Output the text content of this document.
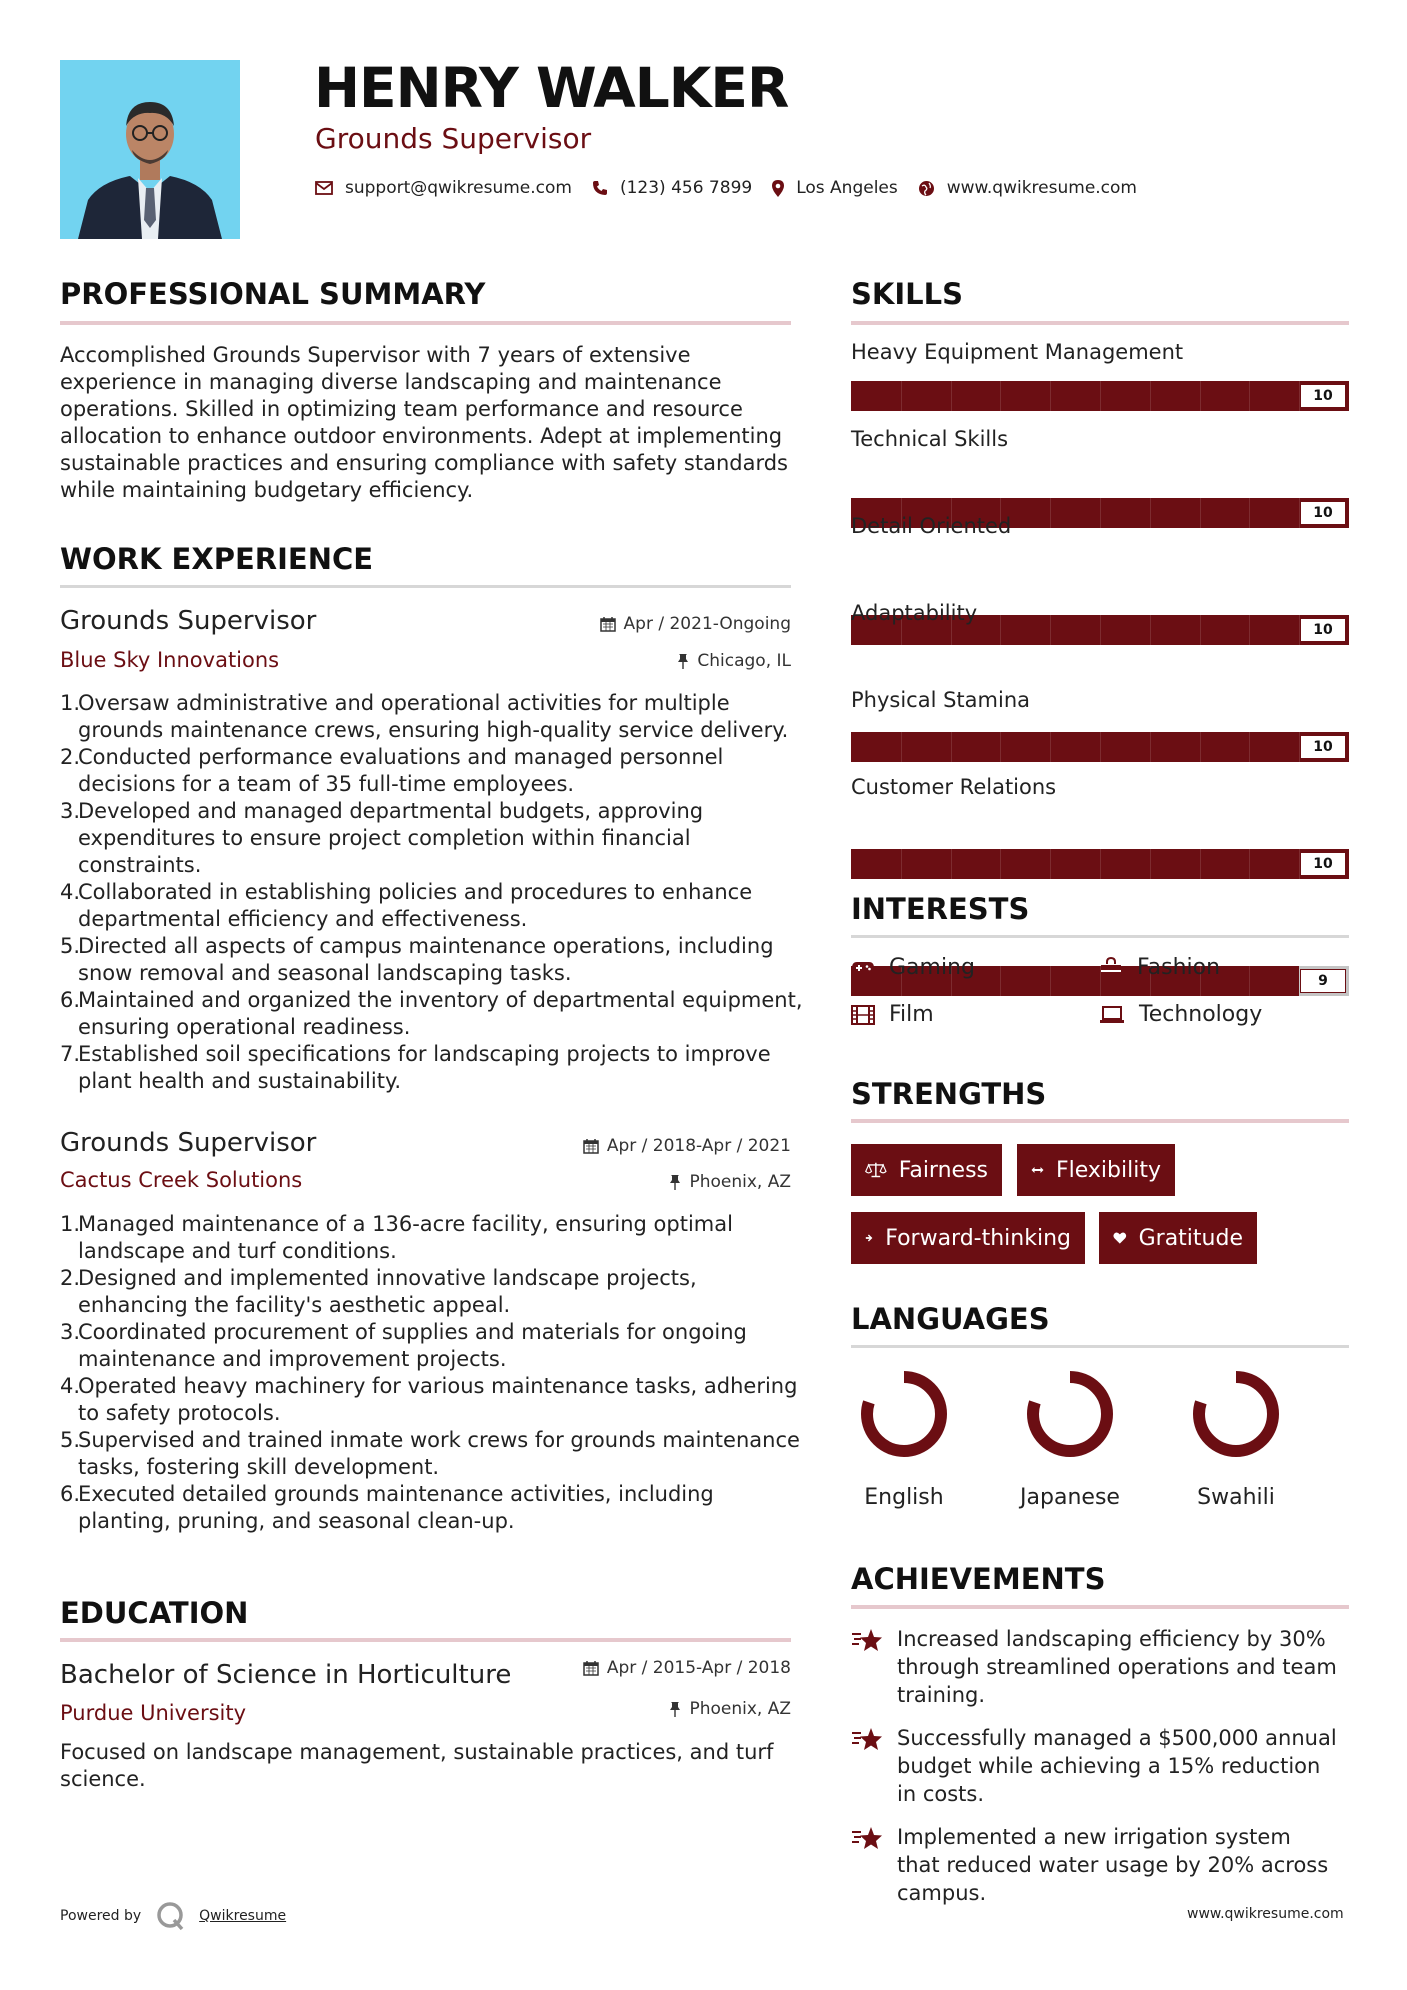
HENRY WALKER
Grounds Supervisor
support@qwikresume.com	(123) 456 7899	Los Angeles	www.qwikresume.com
PROFESSIONAL SUMMARY
Accomplished Grounds Supervisor with 7 years of extensive experience in managing diverse landscaping and maintenance operations. Skilled in optimizing team performance and resource allocation to enhance outdoor environments. Adept at implementing sustainable practices and ensuring compliance with safety standards while maintaining budgetary efficiency.
WORK EXPERIENCE
Grounds Supervisor	Apr / 2021-Ongoing
Blue Sky Innovations	Chicago, IL
Oversaw administrative and operational activities for multiple grounds maintenance crews, ensuring high-quality service delivery.
Conducted performance evaluations and managed personnel decisions for a team of 35 full-time employees.
Developed and managed departmental budgets, approving expenditures to ensure project completion within financial constraints.
Collaborated in establishing policies and procedures to enhance departmental efficiency and effectiveness.
Directed all aspects of campus maintenance operations, including snow removal and seasonal landscaping tasks.
Maintained and organized the inventory of departmental equipment, ensuring operational readiness.
Established soil specifications for landscaping projects to improve plant health and sustainability.
Grounds Supervisor	Apr / 2018-Apr / 2021
Cactus Creek Solutions	Phoenix, AZ
Managed maintenance of a 136-acre facility, ensuring optimal landscape and turf conditions.
Designed and implemented innovative landscape projects, enhancing the facility's aesthetic appeal.
Coordinated procurement of supplies and materials for ongoing maintenance and improvement projects.
Operated heavy machinery for various maintenance tasks, adhering to safety protocols.
Supervised and trained inmate work crews for grounds maintenance tasks, fostering skill development.
Executed detailed grounds maintenance activities, including planting, pruning, and seasonal clean-up.
EDUCATION
Bachelor of Science in Horticulture	Apr / 2015-Apr / 2018
Purdue University	Phoenix, AZ
Focused on landscape management, sustainable practices, and turf science.
SKILLS
Heavy Equipment Management
10
Technical Skills
10
Detail Oriented
10
Adaptability
10
Physical Stamina
10
Customer Relations
9
INTERESTS
Gaming	Fashion
Film	Technology
STRENGTHS
Fairness	Flexibility
Forward-thinking	Gratitude
LANGUAGES
English	Japanese	Swahili
ACHIEVEMENTS
Increased landscaping efficiency by 30% through streamlined operations and team training.
Successfully managed a $500,000 annual budget while achieving a 15% reduction in costs.
Implemented a new irrigation system that reduced water usage by 20% across campus.
Powered by	Qwikresume	www.qwikresume.com
